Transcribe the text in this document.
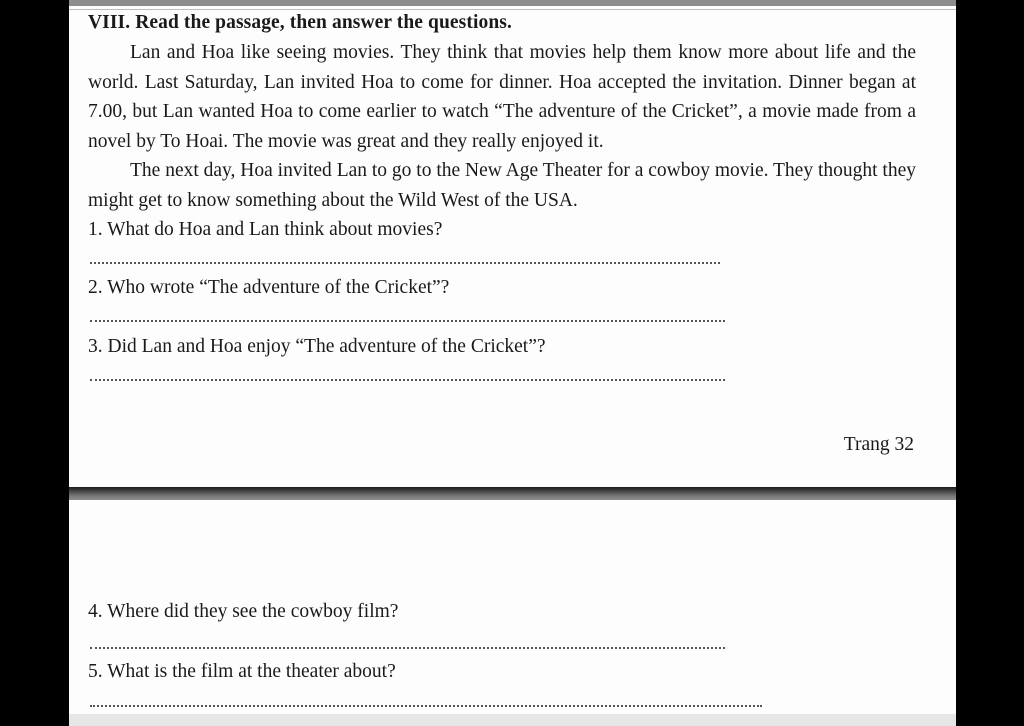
VIII. Read the passage, then answer the questions.
Lan and Hoa like seeing movies. They think that movies help them know more about life and the world. Last Saturday, Lan invited Hoa to come for dinner. Hoa accepted the invitation. Dinner began at 7.00, but Lan wanted Hoa to come earlier to watch “The adventure of the Cricket”, a movie made from a novel by To Hoai. The movie was great and they really enjoyed it.
The next day, Hoa invited Lan to go to the New Age Theater for a cowboy movie. They thought they might get to know something about the Wild West of the USA.
1. What do Hoa and Lan think about movies?
2. Who wrote “The adventure of the Cricket”?
3. Did Lan and Hoa enjoy “The adventure of the Cricket”?
Trang 32
4. Where did they see the cowboy film?
5. What is the film at the theater about?
